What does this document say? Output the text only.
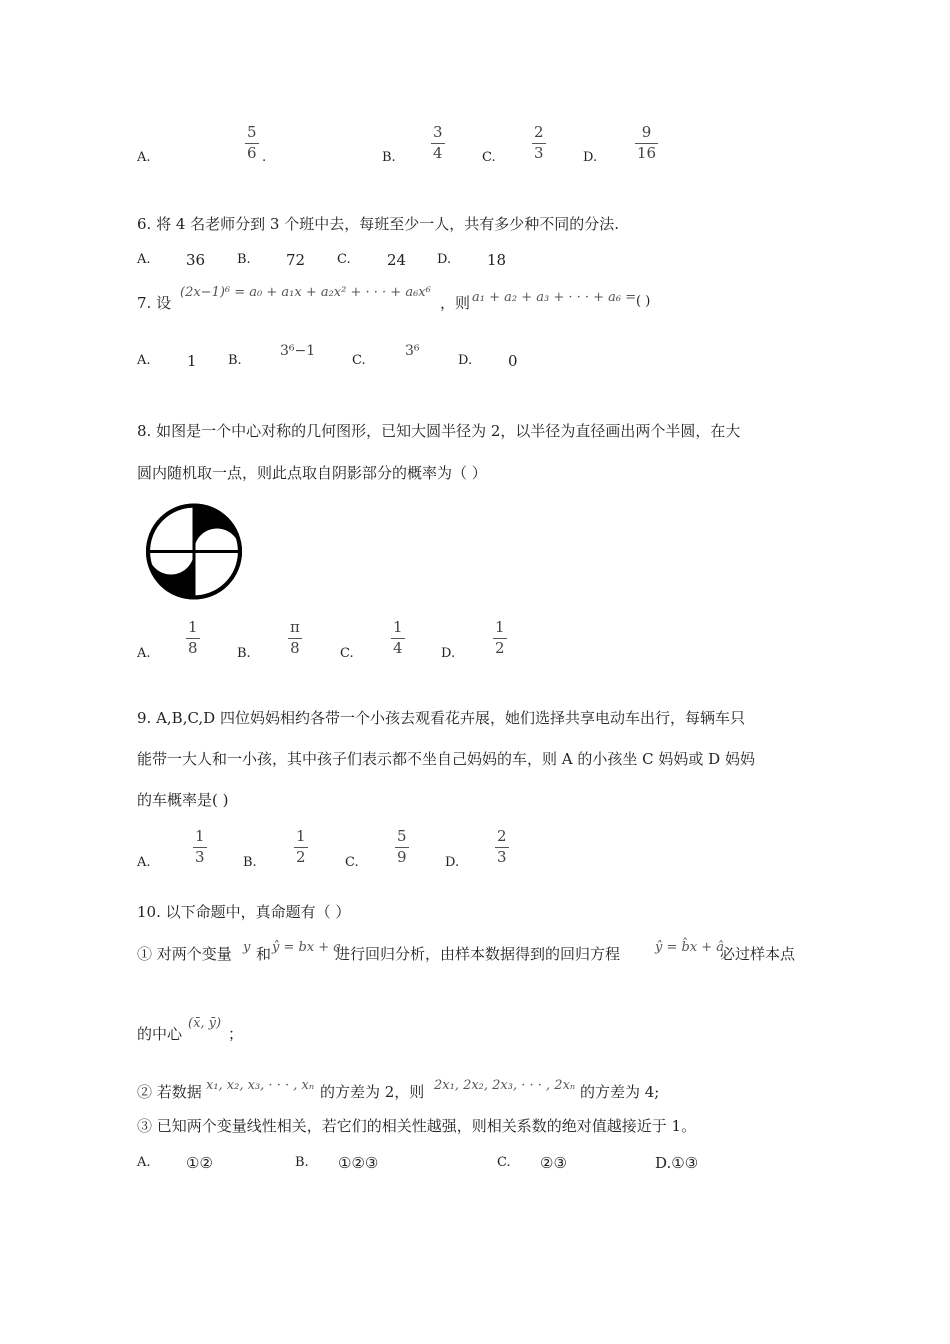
A.
5
6 .	B.
3
4	C.
2
3	D.
9
16
6. 将 4 名老师分到 3 个班中去，每班至少一人，共有多少种不同的分法.
A. 36 B. 72 C. 24 D. 18
7. 设
(2x−1)⁶ = a₀ + a₁x + a₂x² + · · · + a₆x⁶
，则 a₁ + a₂ + a₃ + · · · + a₆ = ( )
A. 1 B.
3⁶−1
C.
3⁶
D. 0
8. 如图是一个中心对称的几何图形，已知大圆半径为 2，以半径为直径画出两个半圆，在大
圆内随机取一点，则此点取自阴影部分的概率为（ ）
A.
1
8	B.
π
8	C.
1
4	D.
1
2
9. A,B,C,D 四位妈妈相约各带一个小孩去观看花卉展，她们选择共享电动车出行，每辆车只
能带一大人和一小孩，其中孩子们表示都不坐自己妈妈的车，则 A 的小孩坐 C 妈妈或 D 妈妈
的车概率是( )
A.
1
3	B.
1
2	C.
5
9	D.
2
3
10. 以下命题中，真命题有（ ）
① 对两个变量 y 和 ŷ = bx + a
进行回归分析，由样本数据得到的回归方程	ŷ = b̂x + â
必过样本点
的中心
(x̄, ȳ)
；
② 若数据 x₁, x₂, x₃, · · · , xₙ 的方差为 2，则 2x₁, 2x₂, 2x₃, · · · , 2xₙ 的方差为 4;
③ 已知两个变量线性相关，若它们的相关性越强，则相关系数的绝对值越接近于 1。
A. ①②	B. ①②③	C. ②③	D.①③
